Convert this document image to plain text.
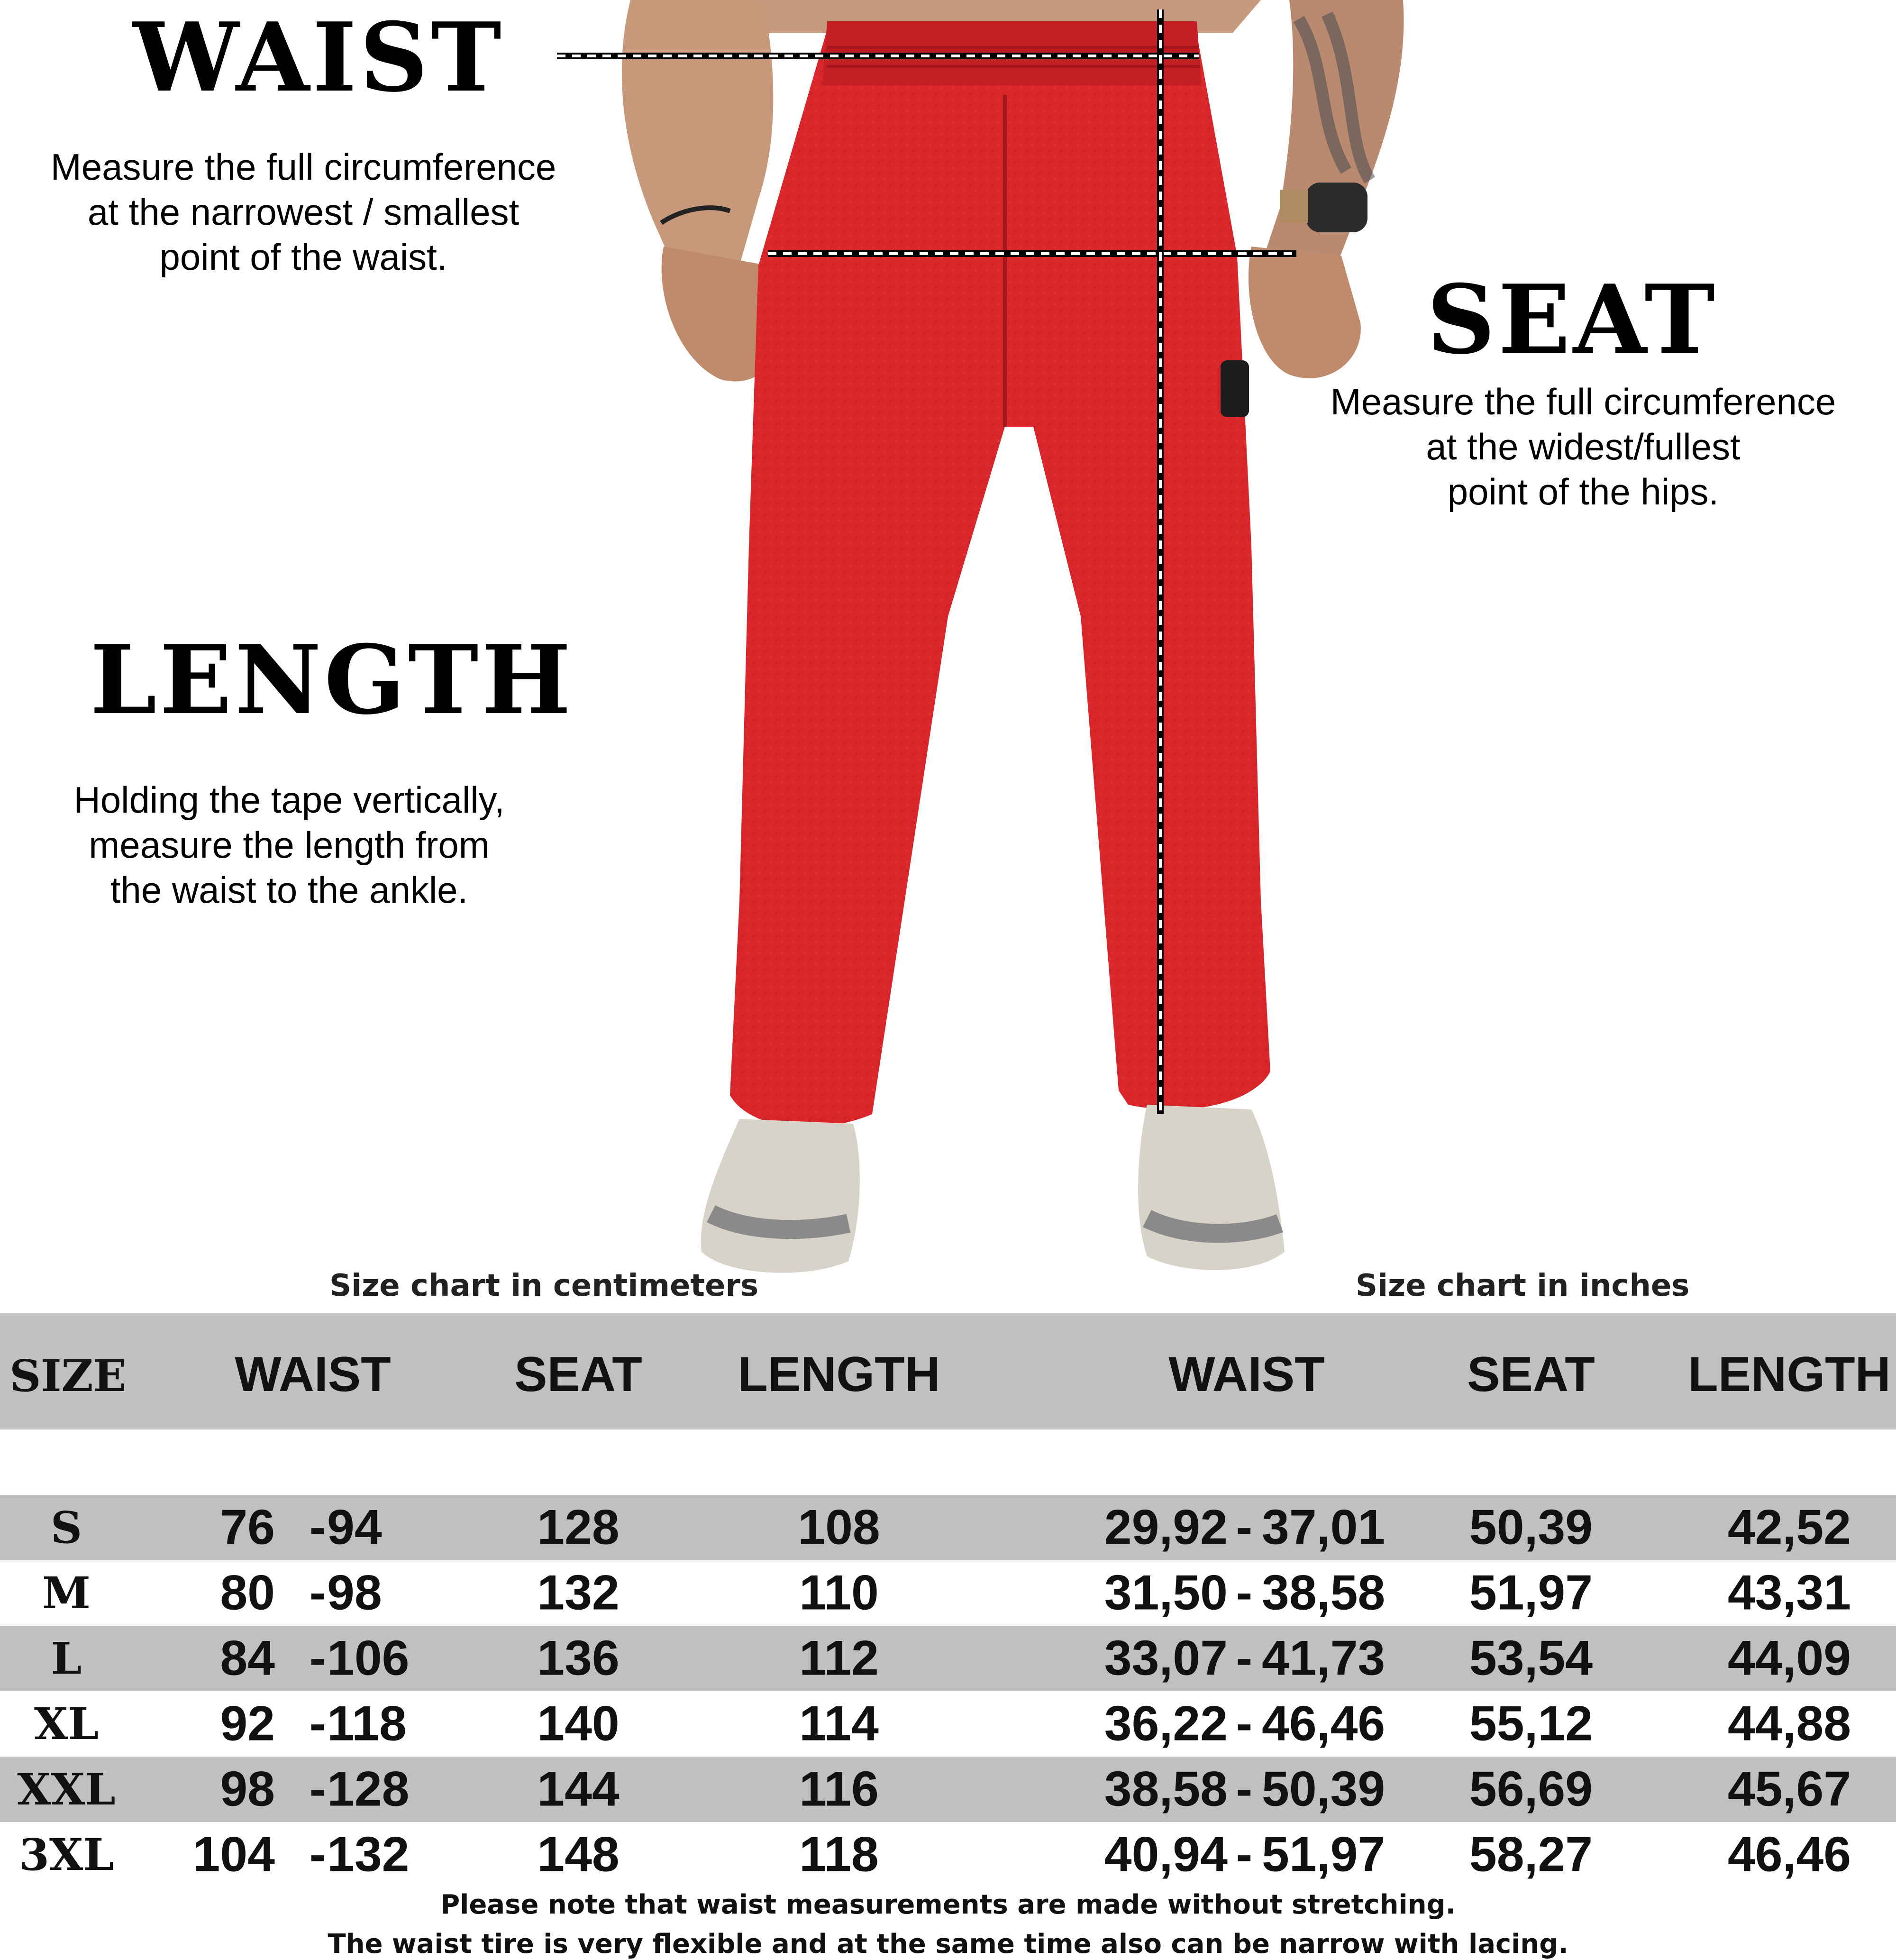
WAIST
Measure the full circumference
at the narrowest / smallest
point of the waist.
SEAT
Measure the full circumference
at the widest/fullest
point of the hips.
LENGTH
Holding the tape vertically,
measure the length from
the waist to the ankle.
Size chart in centimeters	Size chart in inches
SIZE	WAIST	SEAT	LENGTH	WAIST	SEAT	LENGTH
S	76 - 94	128	108	29,92 - 37,01	50,39	42,52
M	80 - 98	132	110	31,50 - 38,58	51,97	43,31
L	84 - 106	136	112	33,07 - 41,73	53,54	44,09
XL	92 - 118	140	114	36,22 - 46,46	55,12	44,88
XXL	98 - 128	144	116	38,58 - 50,39	56,69	45,67
3XL 104 - 132	148	118	40,94 - 51,97	58,27	46,46
Please note that waist measurements are made without stretching.
The waist tire is very flexible and at the same time also can be narrow with lacing.
